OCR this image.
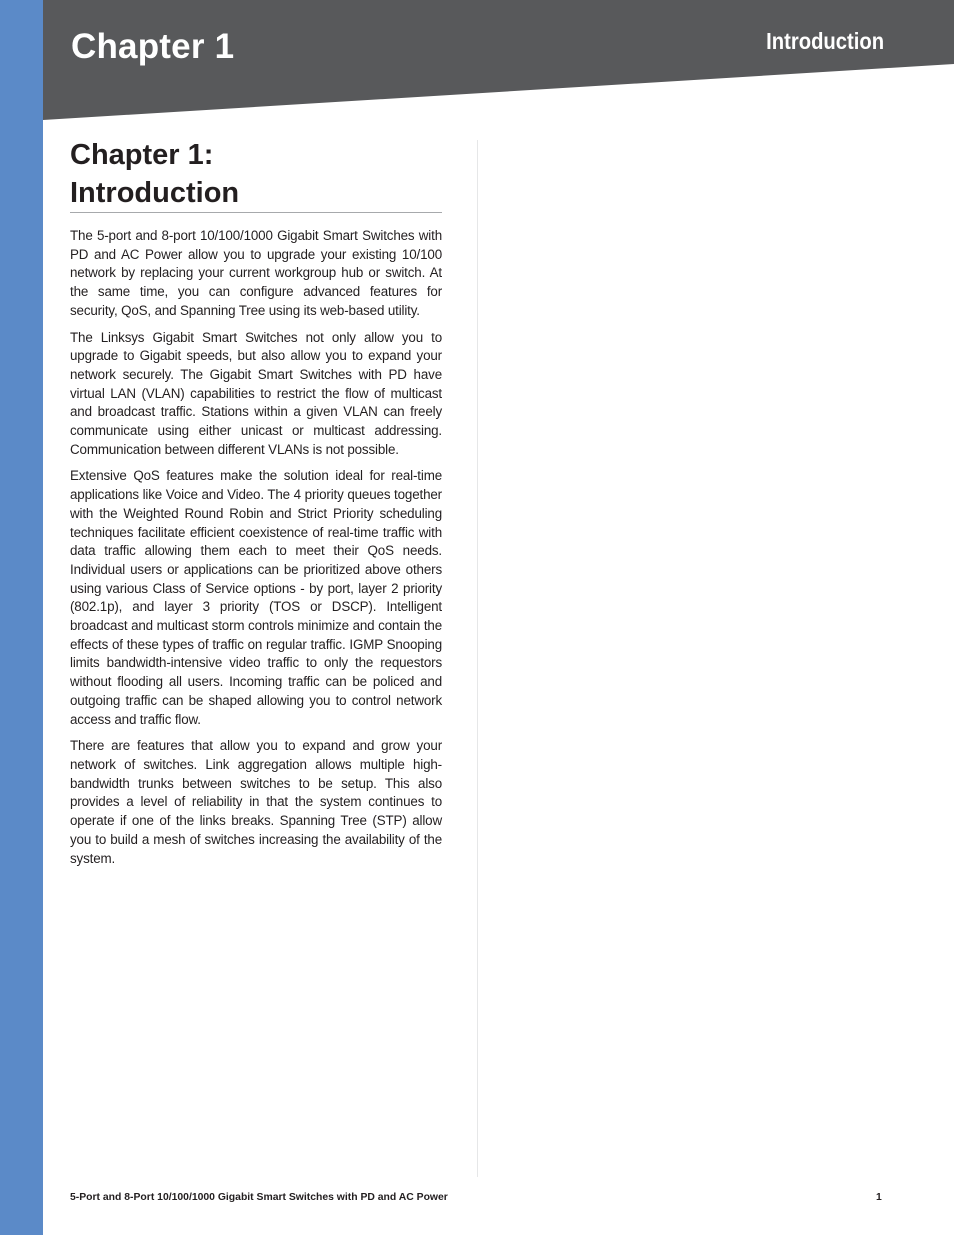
Chapter 1	Introduction
Chapter 1:
Introduction

The 5-port and 8-port 10/100/1000 Gigabit Smart Switches with PD and AC Power allow you to upgrade your existing 10/100 network by replacing your current workgroup hub or switch. At the same time, you can configure advanced features for security, QoS, and Spanning Tree using its web-based utility.

The Linksys Gigabit Smart Switches not only allow you to upgrade to Gigabit speeds, but also allow you to expand your network securely. The Gigabit Smart Switches with PD have virtual LAN (VLAN) capabilities to restrict the flow of multicast and broadcast traffic. Stations within a given VLAN can freely communicate using either unicast or multicast addressing. Communication between different VLANs is not possible.

Extensive QoS features make the solution ideal for real-time applications like Voice and Video. The 4 priority queues together with the Weighted Round Robin and Strict Priority scheduling techniques facilitate efficient coexistence of real-time traffic with data traffic allowing them each to meet their QoS needs. Individual users or applications can be prioritized above others using various Class of Service options - by port, layer 2 priority (802.1p), and layer 3 priority (TOS or DSCP). Intelligent broadcast and multicast storm controls minimize and contain the effects of these types of traffic on regular traffic. IGMP Snooping limits bandwidth-intensive video traffic to only the requestors without flooding all users. Incoming traffic can be policed and outgoing traffic can be shaped allowing you to control network access and traffic flow.

There are features that allow you to expand and grow your network of switches. Link aggregation allows multiple high-bandwidth trunks between switches to be setup. This also provides a level of reliability in that the system continues to operate if one of the links breaks. Spanning Tree (STP) allow you to build a mesh of switches increasing the availability of the system.

5-Port and 8-Port 10/100/1000 Gigabit Smart Switches with PD and AC Power	1
